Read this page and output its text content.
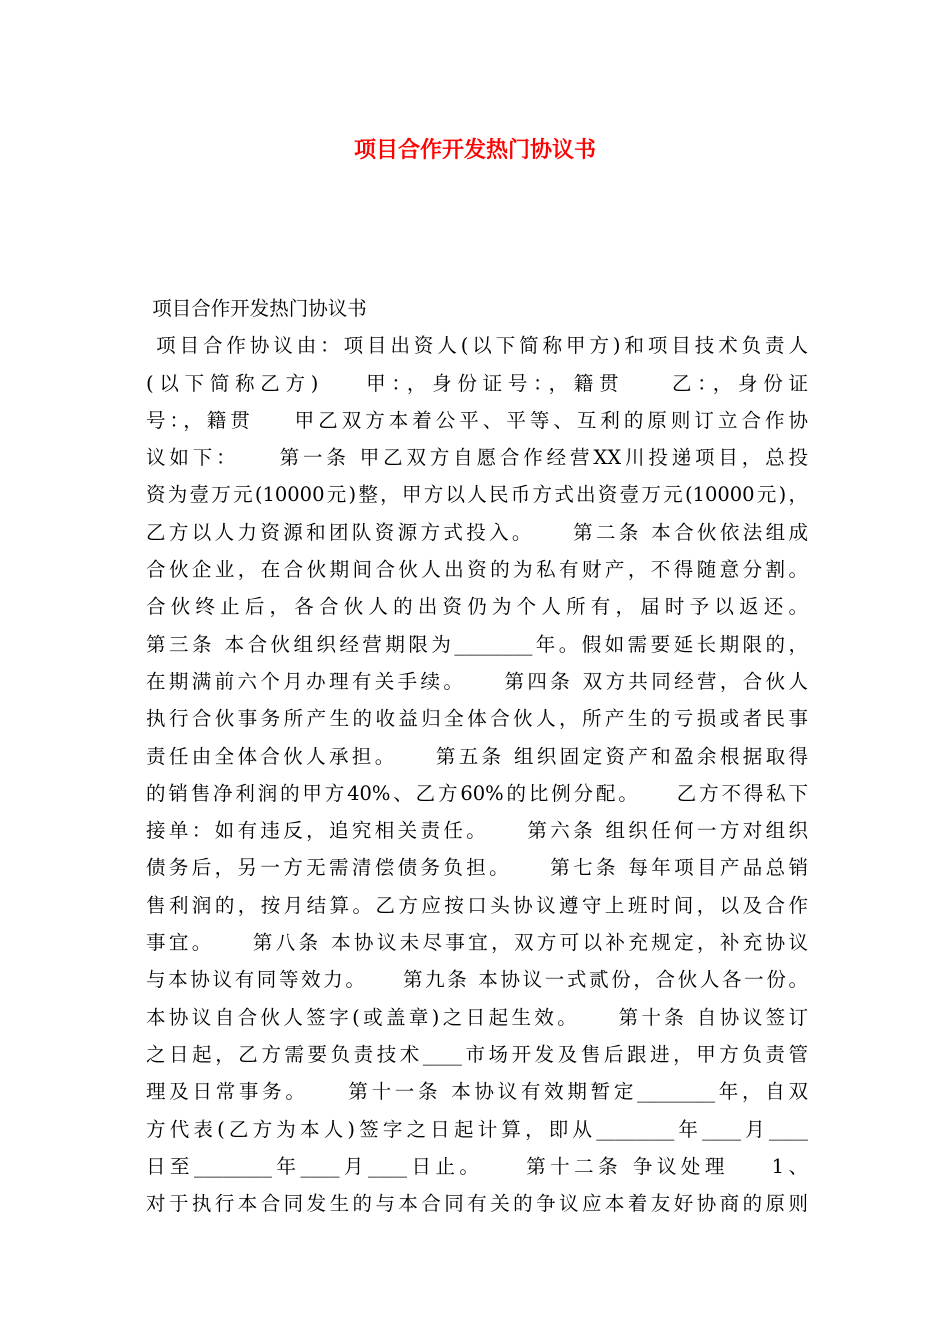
项目合作开发热门协议书
项目合作开发热门协议书
项目合作协议由：项目出资人(以下简称甲方)和项目技术负责人
(以下简称乙方)    甲：，身份证号：，籍贯    乙：，身份证
号：，籍贯    甲乙双方本着公平、平等、互利的原则订立合作协
议如下：    第一条 甲乙双方自愿合作经营XX川投递项目，总投
资为壹万元(10000元)整，甲方以人民币方式出资壹万元(10000元)，
乙方以人力资源和团队资源方式投入。    第二条 本合伙依法组成
合伙企业，在合伙期间合伙人出资的为私有财产，不得随意分割。
合伙终止后，各合伙人的出资仍为个人所有，届时予以返还。
第三条 本合伙组织经营期限为________年。假如需要延长期限的，
在期满前六个月办理有关手续。    第四条 双方共同经营，合伙人
执行合伙事务所产生的收益归全体合伙人，所产生的亏损或者民事
责任由全体合伙人承担。    第五条 组织固定资产和盈余根据取得
的销售净利润的甲方40%、乙方60%的比例分配。    乙方不得私下
接单：如有违反，追究相关责任。    第六条 组织任何一方对组织
债务后，另一方无需清偿债务负担。    第七条 每年项目产品总销
售利润的，按月结算。乙方应按口头协议遵守上班时间，以及合作
事宜。    第八条 本协议未尽事宜，双方可以补充规定，补充协议
与本协议有同等效力。    第九条 本协议一式贰份，合伙人各一份。
本协议自合伙人签字(或盖章)之日起生效。    第十条 自协议签订
之日起，乙方需要负责技术____市场开发及售后跟进，甲方负责管
理及日常事务。    第十一条 本协议有效期暂定________年，自双
方代表(乙方为本人)签字之日起计算，即从________年____月____
日至________年____月____日止。    第十二条 争议处理    1、
对于执行本合同发生的与本合同有关的争议应本着友好协商的原则
